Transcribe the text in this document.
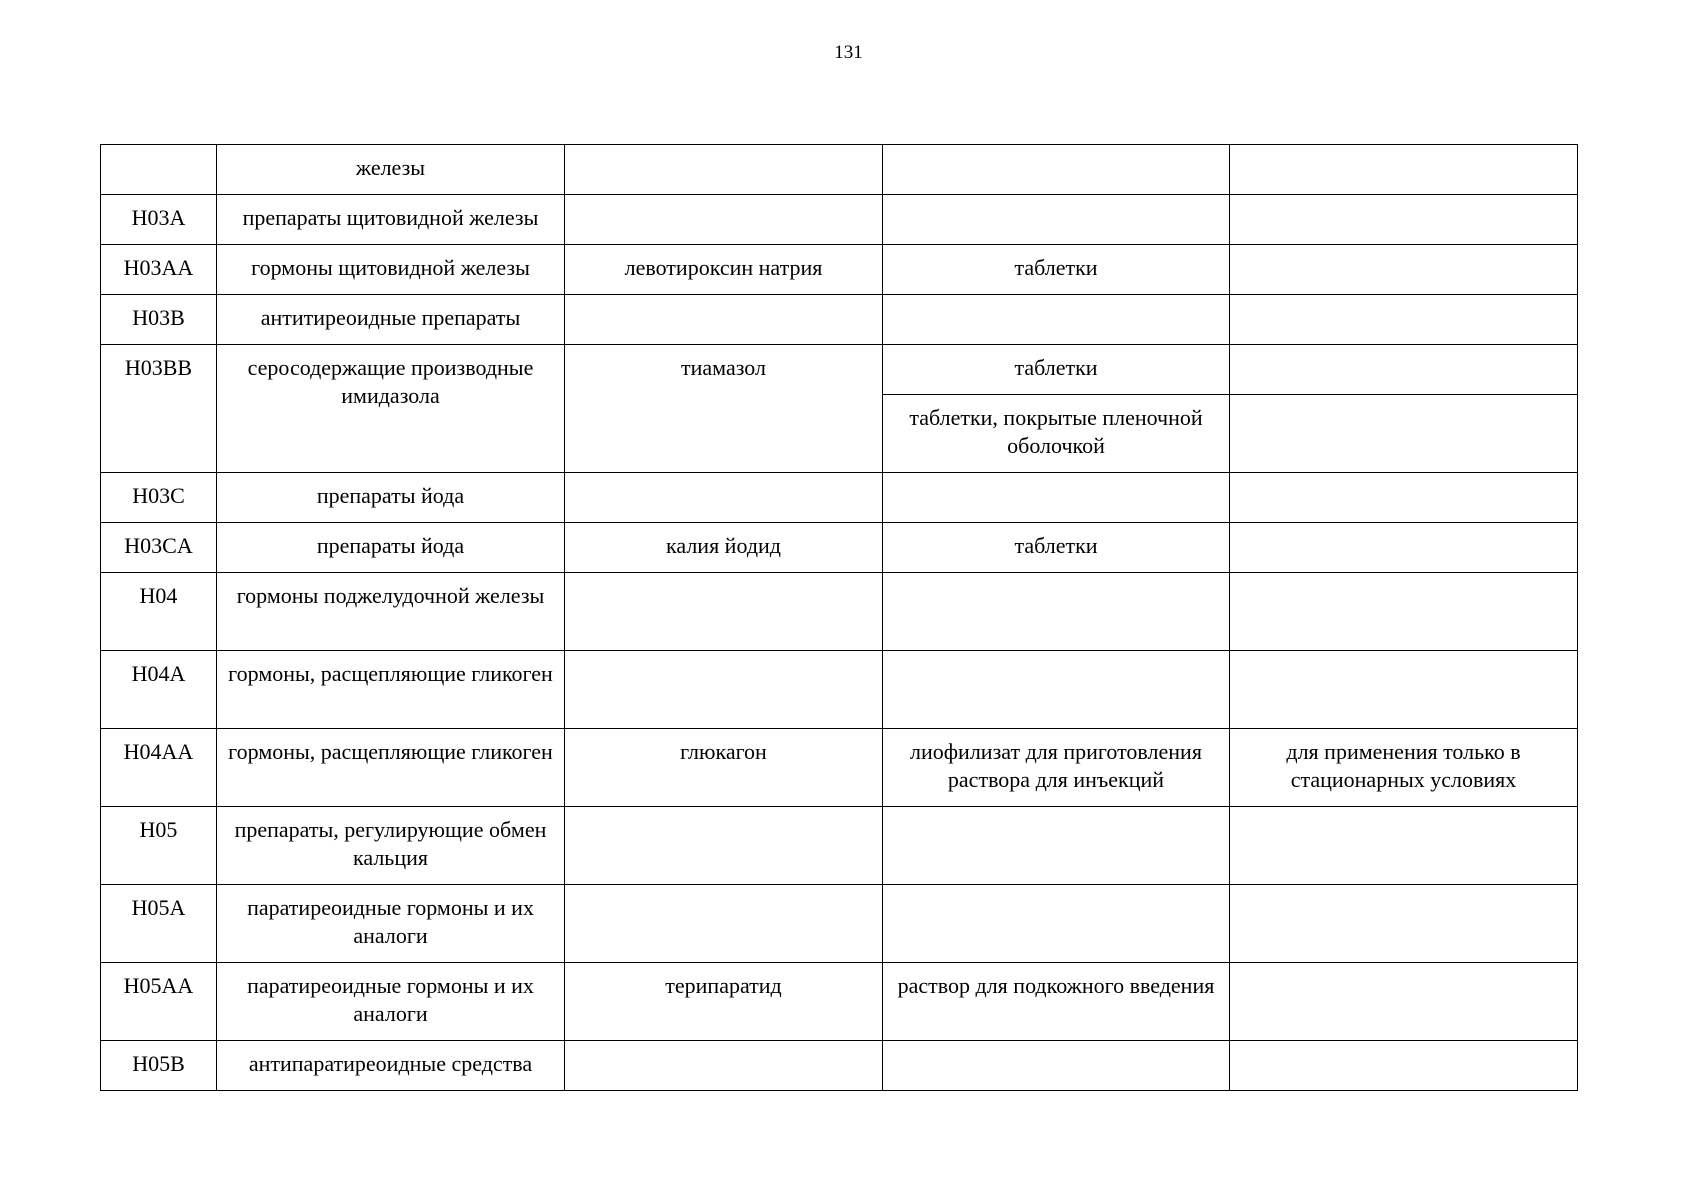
131
	железы			
H03A	препараты щитовидной железы			
H03AA	гормоны щитовидной железы	левотироксин натрия	таблетки	
H03B	антитиреоидные препараты			
H03BB	серосодержащие производные имидазола	тиамазол	таблетки	
			таблетки, покрытые пленочной оболочкой	
H03C	препараты йода			
H03CA	препараты йода	калия йодид	таблетки	
H04	гормоны поджелудочной железы			
H04A	гормоны, расщепляющие гликоген			
H04AA	гормоны, расщепляющие гликоген	глюкагон	лиофилизат для приготовления раствора для инъекций	для применения только в стационарных условиях
H05	препараты, регулирующие обмен кальция			
H05A	паратиреоидные гормоны и их аналоги			
H05AA	паратиреоидные гормоны и их аналоги	терипаратид	раствор для подкожного введения	
H05B	антипаратиреоидные средства			
